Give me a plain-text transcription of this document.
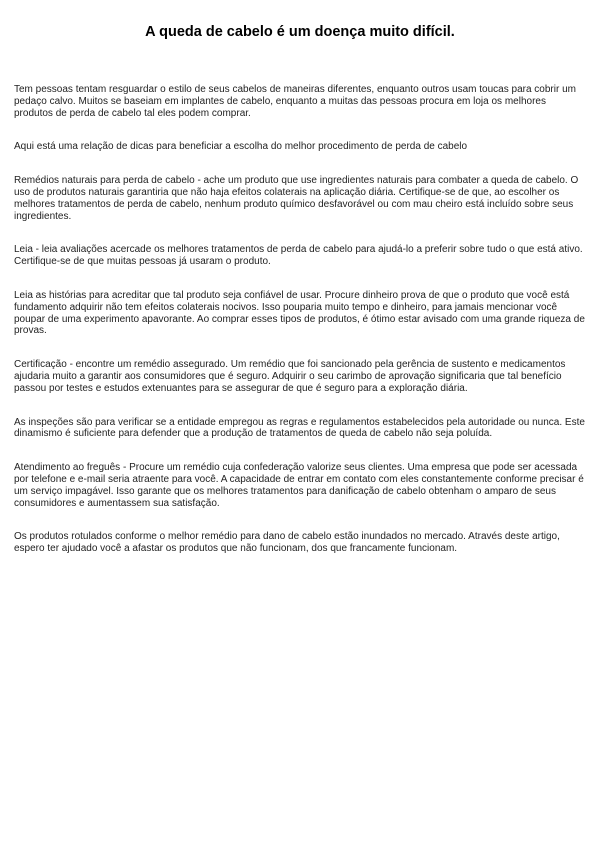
A queda de cabelo é um doença muito difícil.

Tem pessoas tentam resguardar o estilo de seus cabelos de maneiras diferentes, enquanto outros usam toucas para cobrir um pedaço calvo. Muitos se baseiam em implantes de cabelo, enquanto a muitas das pessoas procura em loja os melhores produtos de perda de cabelo tal eles podem comprar.

Aqui está uma relação de dicas para beneficiar a escolha do melhor procedimento de perda de cabelo

Remédios naturais para perda de cabelo - ache um produto que use ingredientes naturais para combater a queda de cabelo. O uso de produtos naturais garantiria que não haja efeitos colaterais na aplicação diária. Certifique-se de que, ao escolher os melhores tratamentos de perda de cabelo, nenhum produto químico desfavorável ou com mau cheiro está incluído sobre seus ingredientes.

Leia - leia avaliações acercade os melhores tratamentos de perda de cabelo para ajudá-lo a preferir sobre tudo o que está ativo. Certifique-se de que muitas pessoas já usaram o produto.

Leia as histórias para acreditar que tal produto seja confiável de usar. Procure dinheiro prova de que o produto que você está fundamento adquirir não tem efeitos colaterais nocivos. Isso pouparia muito tempo e dinheiro, para jamais mencionar você poupar de uma experimento apavorante. Ao comprar esses tipos de produtos, é ótimo estar avisado com uma grande riqueza de provas.

Certificação - encontre um remédio assegurado. Um remédio que foi sancionado pela gerência de sustento e medicamentos ajudaria muito a garantir aos consumidores que é seguro. Adquirir o seu carimbo de aprovação significaria que tal benefício passou por testes e estudos extenuantes para se assegurar de que é seguro para a exploração diária.

As inspeções são para verificar se a entidade empregou as regras e regulamentos estabelecidos pela autoridade ou nunca. Este dinamismo é suficiente para defender que a produção de tratamentos de queda de cabelo não seja poluída.

Atendimento ao freguês - Procure um remédio cuja confederação valorize seus clientes. Uma empresa que pode ser acessada por telefone e e-mail seria atraente para você. A capacidade de entrar em contato com eles constantemente conforme precisar é um serviço impagável. Isso garante que os melhores tratamentos para danificação de cabelo obtenham o amparo de seus consumidores e aumentassem sua satisfação.

Os produtos rotulados conforme o melhor remédio para dano de cabelo estão inundados no mercado. Através deste artigo, espero ter ajudado você a afastar os produtos que não funcionam, dos que francamente funcionam.
